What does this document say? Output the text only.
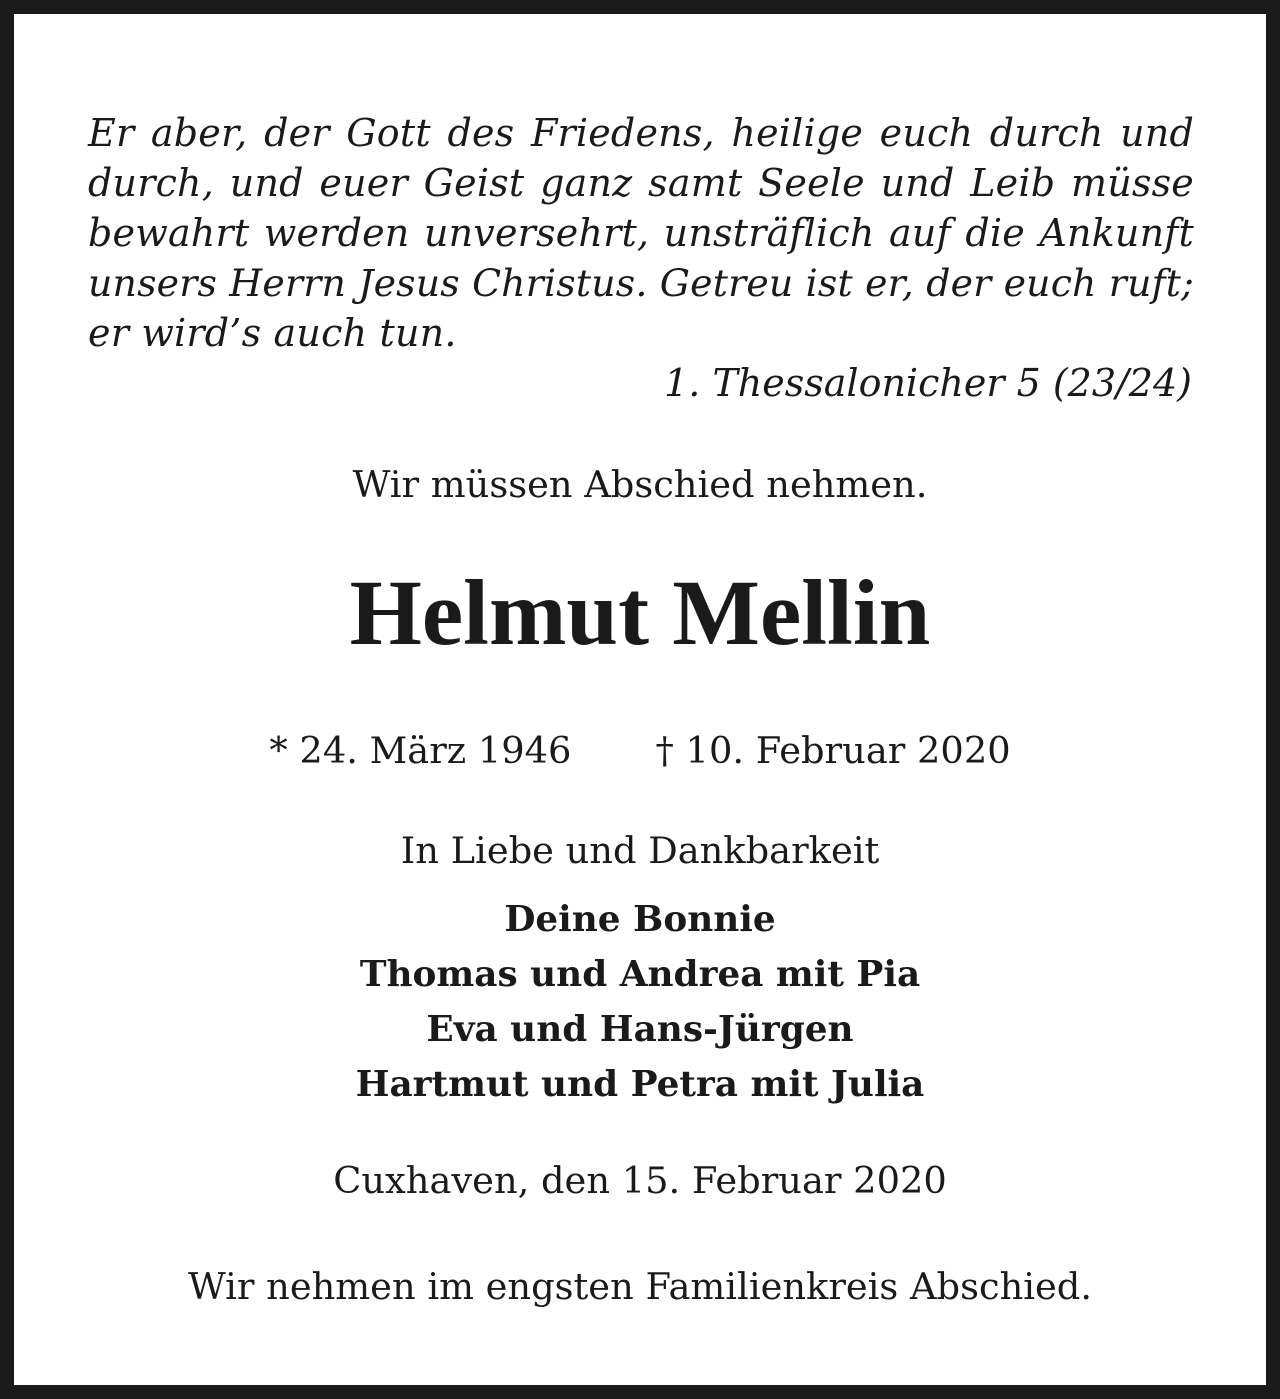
Er aber, der Gott des Friedens, heilige euch durch und
durch, und euer Geist ganz samt Seele und Leib müsse
bewahrt werden unversehrt, unsträflich auf die Ankunft
unsers Herrn Jesus Christus. Getreu ist er, der euch ruft;
er wird’s auch tun.
1. Thessalonicher 5 (23/24)
Wir müssen Abschied nehmen.
Helmut Mellin
* 24. März 1946 † 10. Februar 2020
In Liebe und Dankbarkeit
Deine Bonnie
Thomas und Andrea mit Pia
Eva und Hans-Jürgen
Hartmut und Petra mit Julia
Cuxhaven, den 15. Februar 2020
Wir nehmen im engsten Familienkreis Abschied.
